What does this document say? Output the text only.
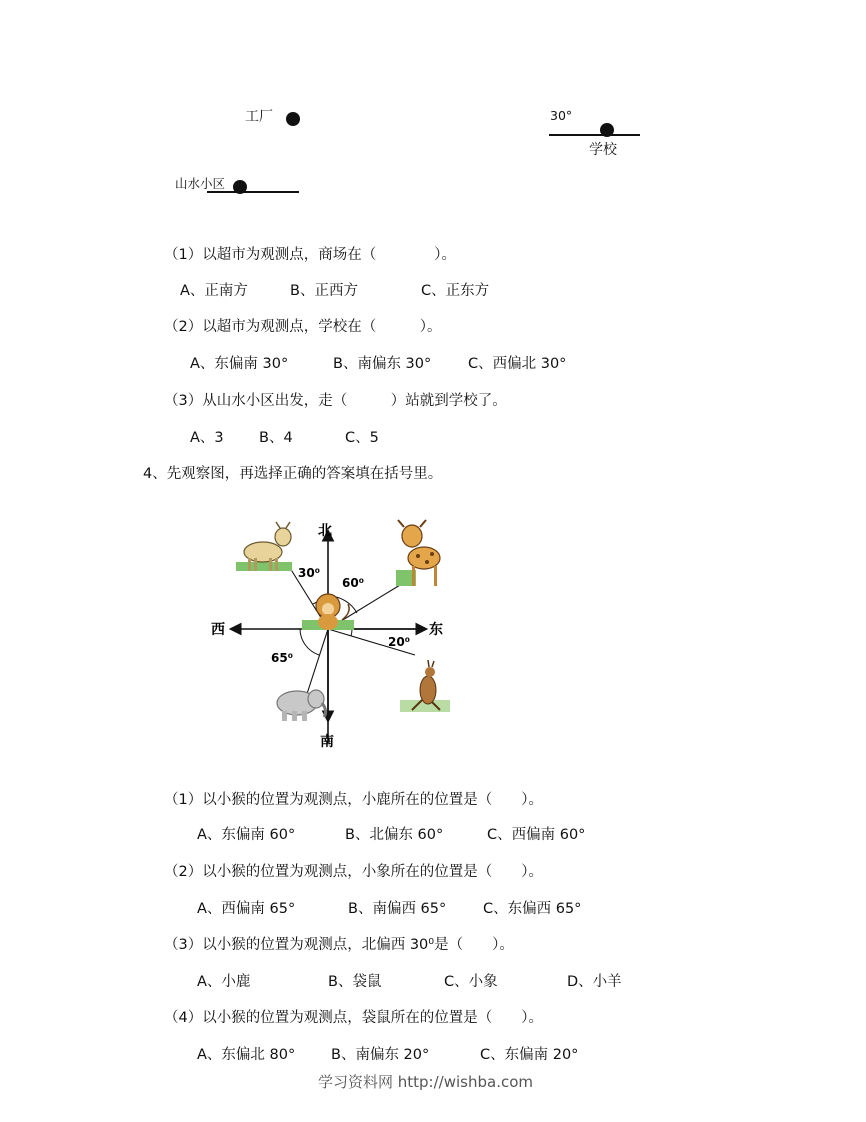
工厂	30°
学校
山水小区
（1）以超市为观测点，商场在（　　　　）。
A、正南方	B、正西方	C、正东方
（2）以超市为观测点，学校在（　　　）。
A、东偏南 30°	B、南偏东 30°	C、西偏北 30°
（3）从山水小区出发，走（　　　）站就到学校了。
A、3 B、4	C、5
4、先观察图，再选择正确的答案填在括号里。
北
南
东
西
30⁰
60⁰
20⁰
65⁰
（1）以小猴的位置为观测点，小鹿所在的位置是（　　）。
A、东偏南 60°	B、北偏东 60°	C、西偏南 60°
（2）以小猴的位置为观测点，小象所在的位置是（　　）。
A、西偏南 65°	B、南偏西 65°	C、东偏西 65°
（3）以小猴的位置为观测点，北偏西 30⁰是（　　）。
A、小鹿	B、袋鼠	C、小象	D、小羊
（4）以小猴的位置为观测点，袋鼠所在的位置是（　　）。
A、东偏北 80° B、南偏东 20°	C、东偏南 20°
学习资料网 http://wishba.com
